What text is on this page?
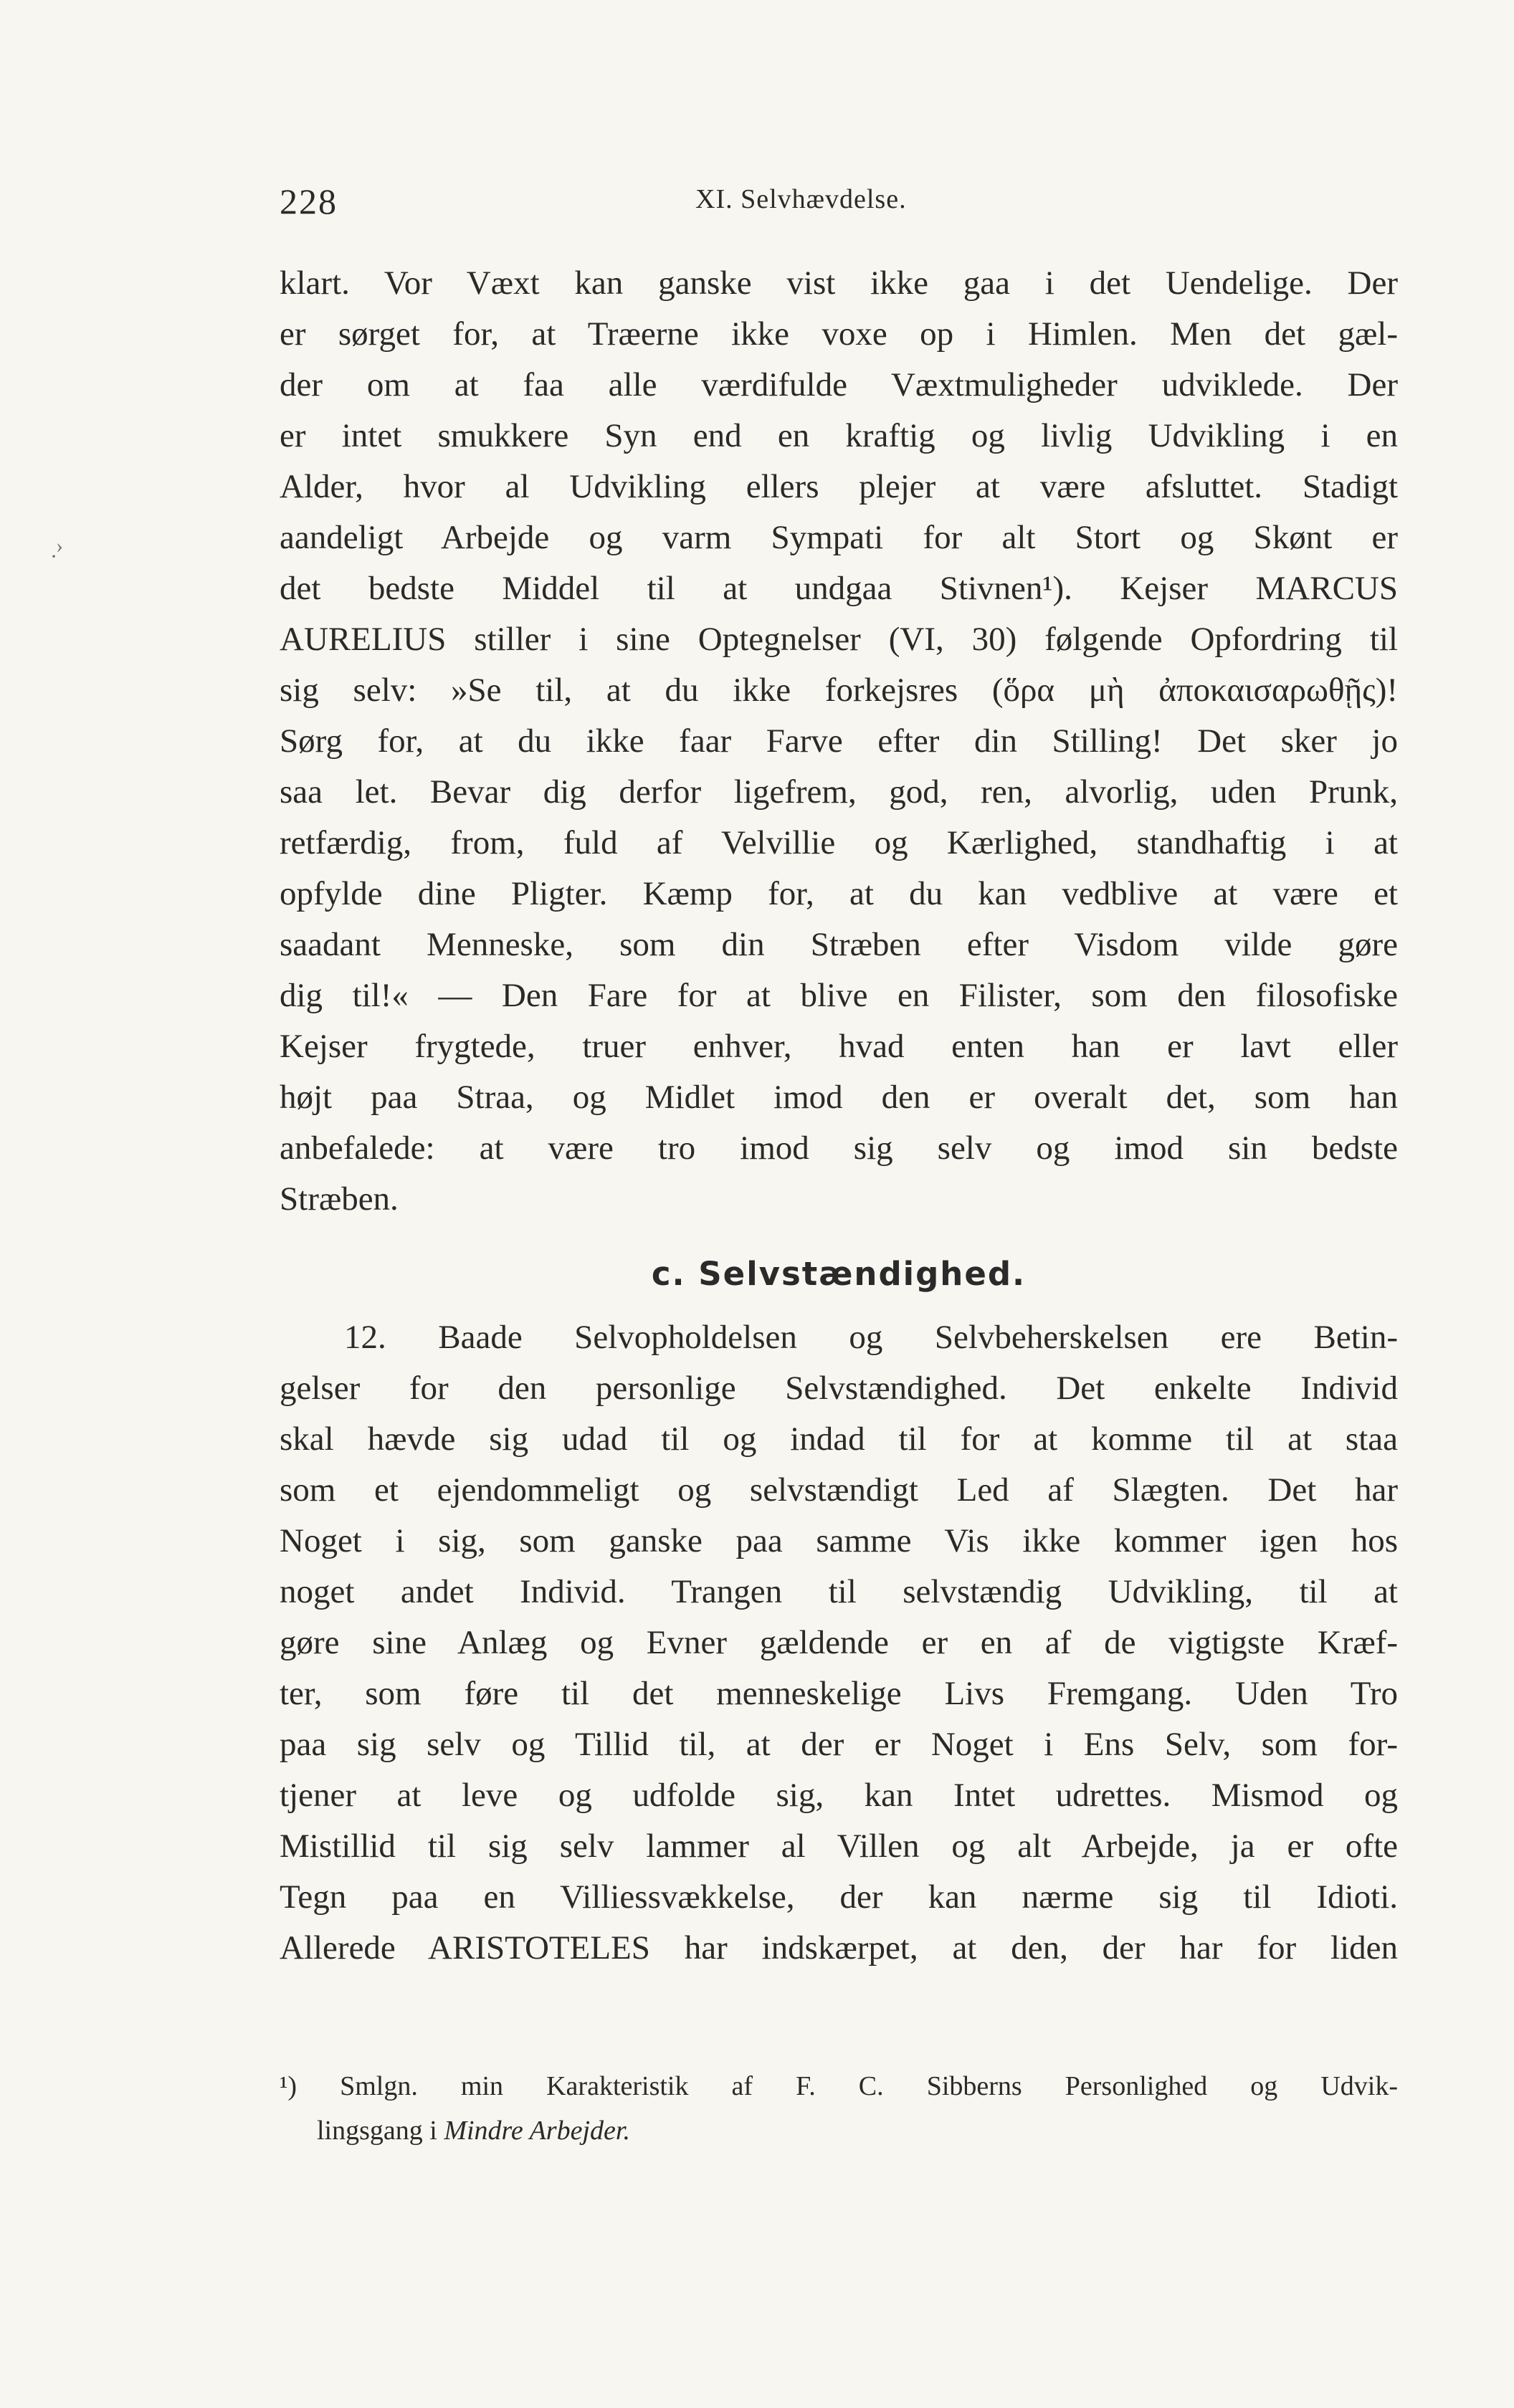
228	XI. Selvhævdelse.
·
›
klart. Vor Væxt kan ganske vist ikke gaa i det Uendelige. Der
er sørget for, at Træerne ikke voxe op i Himlen. Men det gæl-
der om at faa alle værdifulde Væxtmuligheder udviklede. Der
er intet smukkere Syn end en kraftig og livlig Udvikling i en
Alder, hvor al Udvikling ellers plejer at være afsluttet. Stadigt
aandeligt Arbejde og varm Sympati for alt Stort og Skønt er
det bedste Middel til at undgaa Stivnen¹). Kejser MARCUS
AURELIUS stiller i sine Optegnelser (VI, 30) følgende Opfordring til
sig selv: »Se til, at du ikke forkejsres (ὅρα μὴ ἀποκαισαρωθῇς)!
Sørg for, at du ikke faar Farve efter din Stilling! Det sker jo
saa let. Bevar dig derfor ligefrem, god, ren, alvorlig, uden Prunk,
retfærdig, from, fuld af Velvillie og Kærlighed, standhaftig i at
opfylde dine Pligter. Kæmp for, at du kan vedblive at være et
saadant Menneske, som din Stræben efter Visdom vilde gøre
dig til!« — Den Fare for at blive en Filister, som den filosofiske
Kejser frygtede, truer enhver, hvad enten han er lavt eller
højt paa Straa, og Midlet imod den er overalt det, som han
anbefalede: at være tro imod sig selv og imod sin bedste
Stræben.
c. Selvstændighed.
12. Baade Selvopholdelsen og Selvbeherskelsen ere Betin-
gelser for den personlige Selvstændighed. Det enkelte Individ
skal hævde sig udad til og indad til for at komme til at staa
som et ejendommeligt og selvstændigt Led af Slægten. Det har
Noget i sig, som ganske paa samme Vis ikke kommer igen hos
noget andet Individ. Trangen til selvstændig Udvikling, til at
gøre sine Anlæg og Evner gældende er en af de vigtigste Kræf-
ter, som føre til det menneskelige Livs Fremgang. Uden Tro
paa sig selv og Tillid til, at der er Noget i Ens Selv, som for-
tjener at leve og udfolde sig, kan Intet udrettes. Mismod og
Mistillid til sig selv lammer al Villen og alt Arbejde, ja er ofte
Tegn paa en Villiessvækkelse, der kan nærme sig til Idioti.
Allerede ARISTOTELES har indskærpet, at den, der har for liden
¹) Smlgn. min Karakteristik af F. C. Sibberns Personlighed og Udvik-
lingsgang i Mindre Arbejder.
